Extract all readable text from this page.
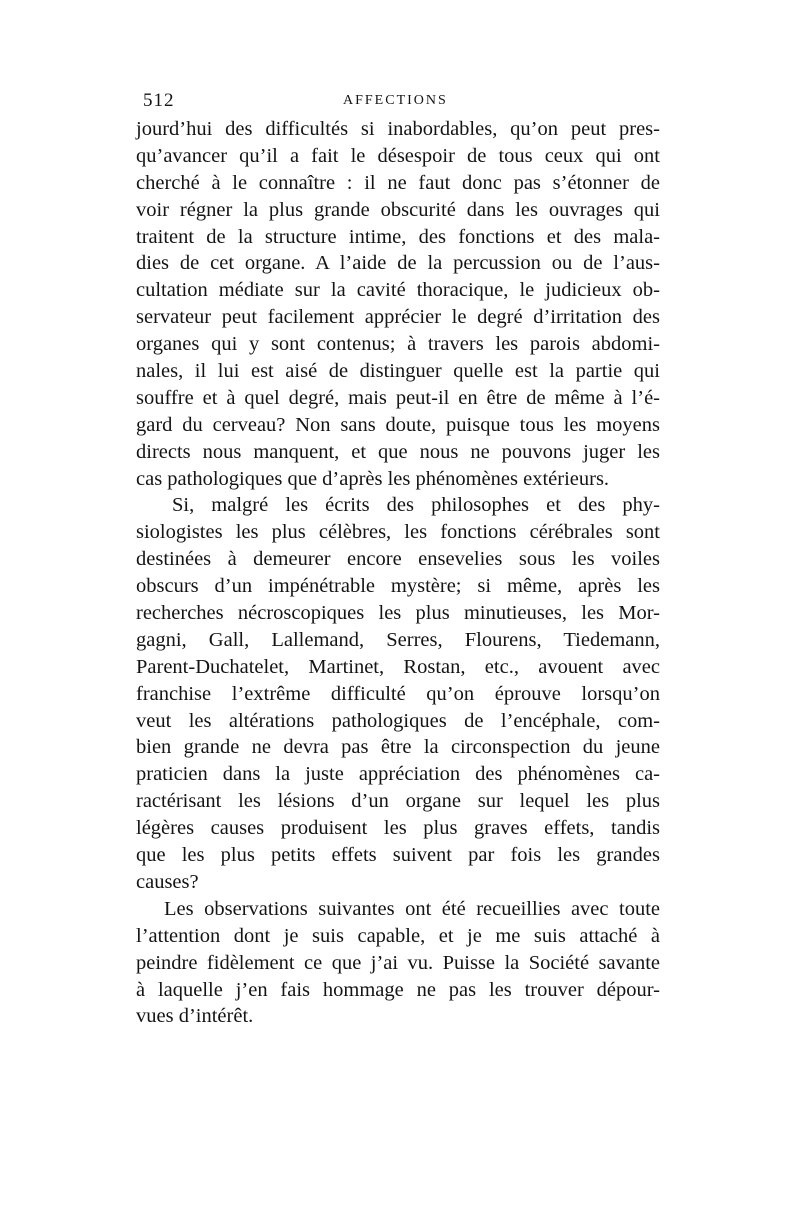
512	AFFECTIONS
jourd’hui des difficultés si inabordables, qu’on peut pres-
qu’avancer qu’il a fait le désespoir de tous ceux qui ont
cherché à le connaître : il ne faut donc pas s’étonner de
voir régner la plus grande obscurité dans les ouvrages qui
traitent de la structure intime, des fonctions et des mala-
dies de cet organe. A l’aide de la percussion ou de l’aus-
cultation médiate sur la cavité thoracique, le judicieux ob-
servateur peut facilement apprécier le degré d’irritation des
organes qui y sont contenus; à travers les parois abdomi-
nales, il lui est aisé de distinguer quelle est la partie qui
souffre et à quel degré, mais peut-il en être de même à l’é-
gard du cerveau? Non sans doute, puisque tous les moyens
directs nous manquent, et que nous ne pouvons juger les
cas pathologiques que d’après les phénomènes extérieurs.
Si, malgré les écrits des philosophes et des phy-
siologistes les plus célèbres, les fonctions cérébrales sont
destinées à demeurer encore ensevelies sous les voiles
obscurs d’un impénétrable mystère; si même, après les
recherches nécroscopiques les plus minutieuses, les Mor-
gagni, Gall, Lallemand, Serres, Flourens, Tiedemann,
Parent-Duchatelet, Martinet, Rostan, etc., avouent avec
franchise l’extrême difficulté qu’on éprouve lorsqu’on
veut les altérations pathologiques de l’encéphale, com-
bien grande ne devra pas être la circonspection du jeune
praticien dans la juste appréciation des phénomènes ca-
ractérisant les lésions d’un organe sur lequel les plus
légères causes produisent les plus graves effets, tandis
que les plus petits effets suivent par fois les grandes
causes?
Les observations suivantes ont été recueillies avec toute
l’attention dont je suis capable, et je me suis attaché à
peindre fidèlement ce que j’ai vu. Puisse la Société savante
à laquelle j’en fais hommage ne pas les trouver dépour-
vues d’intérêt.
